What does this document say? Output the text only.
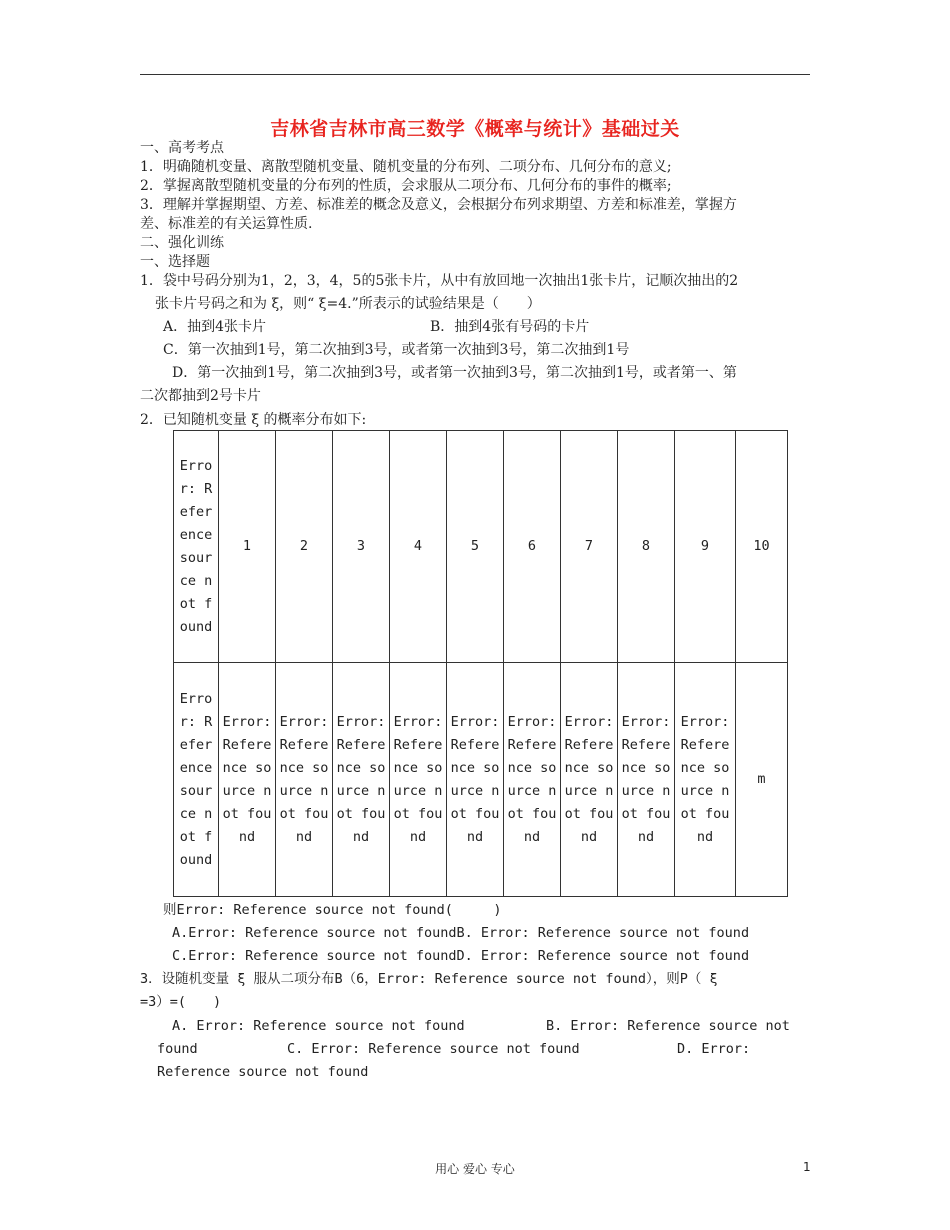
吉林省吉林市高三数学《概率与统计》基础过关
一、高考考点
1．明确随机变量、离散型随机变量、随机变量的分布列、二项分布、几何分布的意义;
2．掌握离散型随机变量的分布列的性质，会求服从二项分布、几何分布的事件的概率;
3．理解并掌握期望、方差、标准差的概念及意义，会根据分布列求期望、方差和标准差，掌握方
差、标准差的有关运算性质.
二、强化训练
一、选择题
1．袋中号码分别为1，2，3，4，5的5张卡片，从中有放回地一次抽出1张卡片，记顺次抽出的2
张卡片号码之和为 ξ，则“ ξ=4.”所表示的试验结果是（　　）
A．抽到4张卡片	B．抽到4张有号码的卡片
C．第一次抽到1号，第二次抽到3号，或者第一次抽到3号，第二次抽到1号
D．第一次抽到1号，第二次抽到3号，或者第一次抽到3号，第二次抽到1号，或者第一、第
二次都抽到2号卡片
2．已知随机变量 ξ 的概率分布如下:
Error: Reference source not found	1	2	3	4	5	6	7	8	9	10
Error: Reference source not found	Error: Reference source not found	Error: Reference source not found	Error: Reference source not found	Error: Reference source not found	Error: Reference source not found	Error: Reference source not found	Error: Reference source not found	Error: Reference source not found	Error: Reference source not found	m
则Error: Reference source not found(　　　)
A.Error: Reference source not foundB. Error: Reference source not found
C.Error: Reference source not foundD. Error: Reference source not found
3．设随机变量 ξ 服从二项分布B（6，Error: Reference source not found），则P（ ξ
=3）=(　　)
A. Error: Reference source not found	B. Error: Reference source not
found	C. Error: Reference source not found	D. Error:
Reference source not found
用心 爱心 专心	1
